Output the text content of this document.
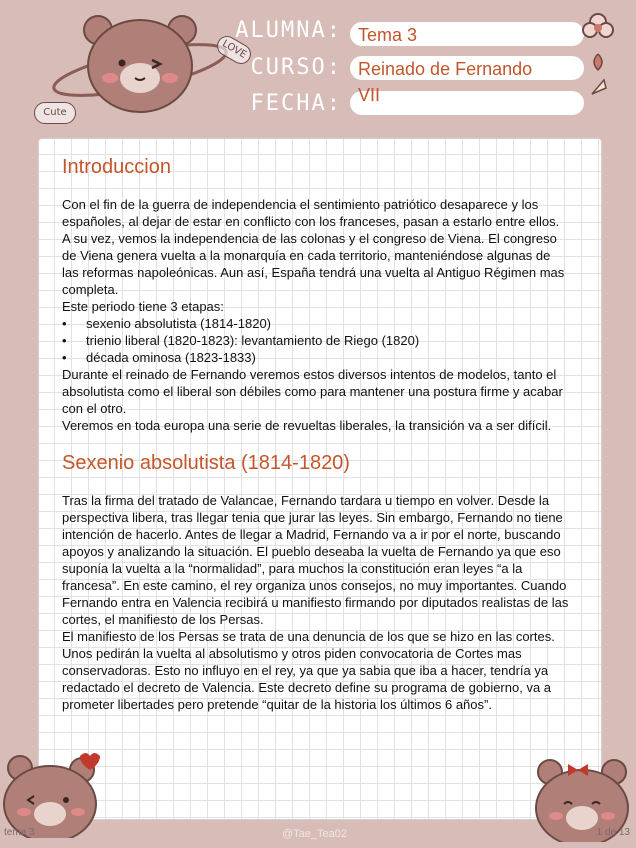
ALUMNA:
CURSO:
FECHA:
Tema 3
Reinado de Fernando
VII
LOVE
Cute
Introduccion

Con el fin de la guerra de independencia el sentimiento patriótico desaparece y los españoles, al dejar de estar en conflicto con los franceses, pasan a estarlo entre ellos. A su vez, vemos la independencia de las colonas y el congreso de Viena. El congreso de Viena genera vuelta a la monarquía en cada territorio, manteniéndose algunas de las reformas napoleónicas. Aun así, España tendrá una vuelta al Antiguo Régimen mas completa.

Este periodo tiene 3 etapas:

• sexenio absolutista (1814-1820)
• trienio liberal (1820-1823): levantamiento de Riego (1820)
• década ominosa (1823-1833)

Durante el reinado de Fernando veremos estos diversos intentos de modelos, tanto el absolutista como el liberal son débiles como para mantener una postura firme y acabar con el otro.

Veremos en toda europa una serie de revueltas liberales, la transición va a ser difícil.

Sexenio absolutista (1814-1820)

Tras la firma del tratado de Valancae, Fernando tardara u tiempo en volver. Desde la perspectiva libera, tras llegar tenia que jurar las leyes. Sin embargo, Fernando no tiene intención de hacerlo. Antes de llegar a Madrid, Fernando va a ir por el norte, buscando apoyos y analizando la situación. El pueblo deseaba la vuelta de Fernando ya que eso suponía la vuelta a la “normalidad”, para muchos la constitución eran leyes “a la francesa”. En este camino, el rey organiza unos consejos, no muy importantes. Cuando Fernando entra en Valencia recibirá u manifiesto firmando por diputados realistas de las cortes, el manifiesto de los Persas.

El manifiesto de los Persas se trata de una denuncia de los que se hizo en las cortes. Unos pedirán la vuelta al absolutismo y otros piden convocatoria de Cortes mas conservadoras. Esto no influyo en el rey, ya que ya sabia que iba a hacer, tendría ya redactado el decreto de Valencia. Este decreto define su programa de gobierno, va a prometer libertades pero pretende “quitar de la historia los últimos 6 años”.

@Tae_Tea02
tema 3	1 de 13
